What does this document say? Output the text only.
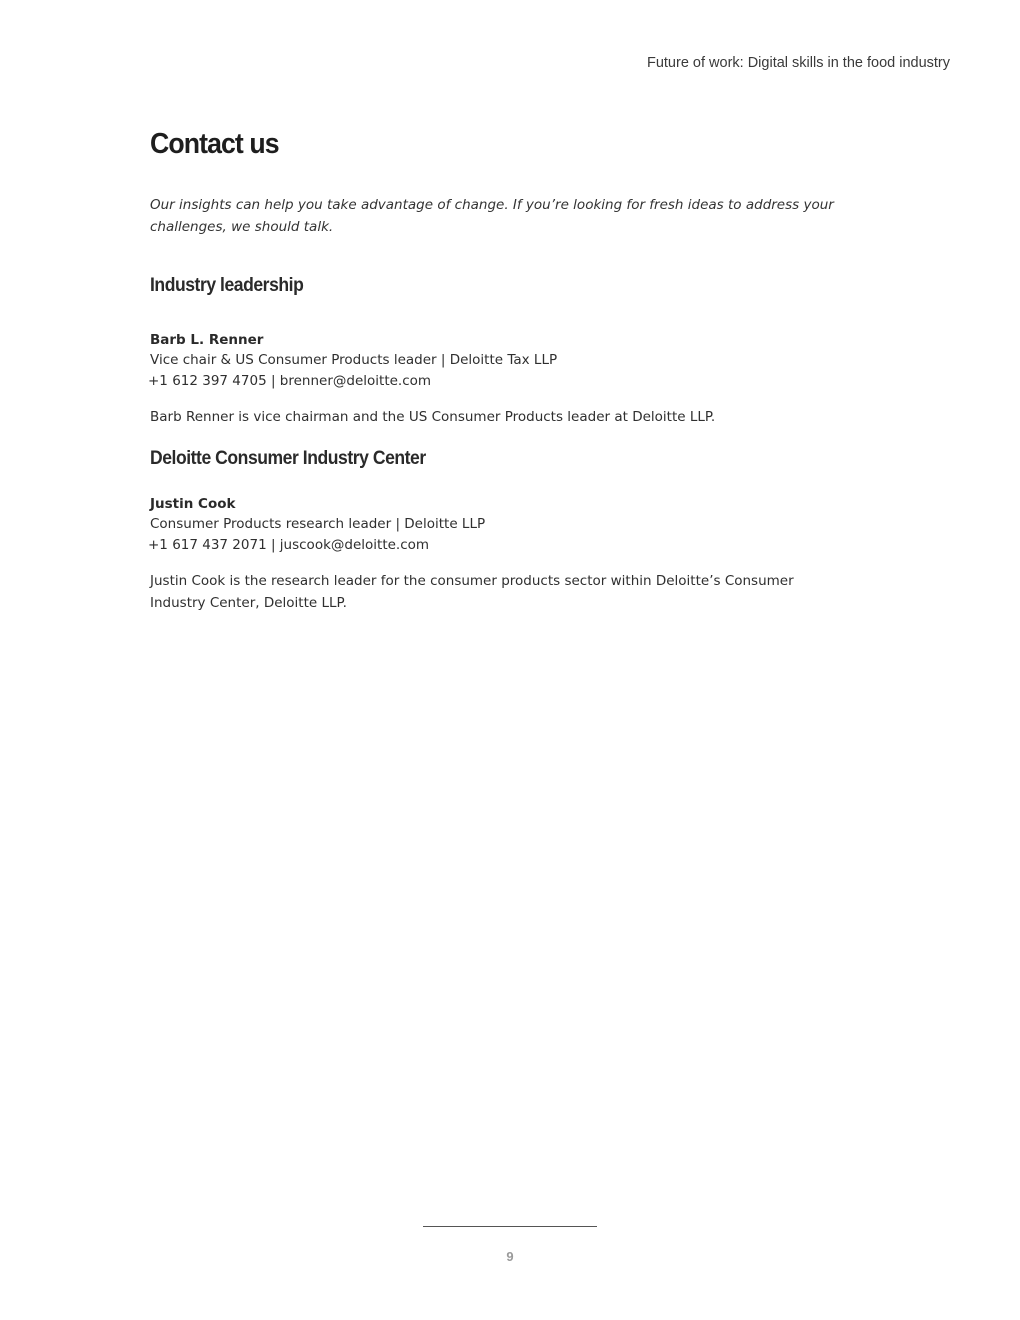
Future of work: Digital skills in the food industry
Contact us

Our insights can help you take advantage of change. If you’re looking for fresh ideas to address your challenges, we should talk.

Industry leadership
Barb L. Renner
Vice chair & US Consumer Products leader | Deloitte Tax LLP
+1 612 397 4705 | brenner@deloitte.com

Barb Renner is vice chairman and the US Consumer Products leader at Deloitte LLP.

Deloitte Consumer Industry Center
Justin Cook
Consumer Products research leader | Deloitte LLP
+1 617 437 2071 | juscook@deloitte.com

Justin Cook is the research leader for the consumer products sector within Deloitte’s Consumer Industry Center, Deloitte LLP.

9
